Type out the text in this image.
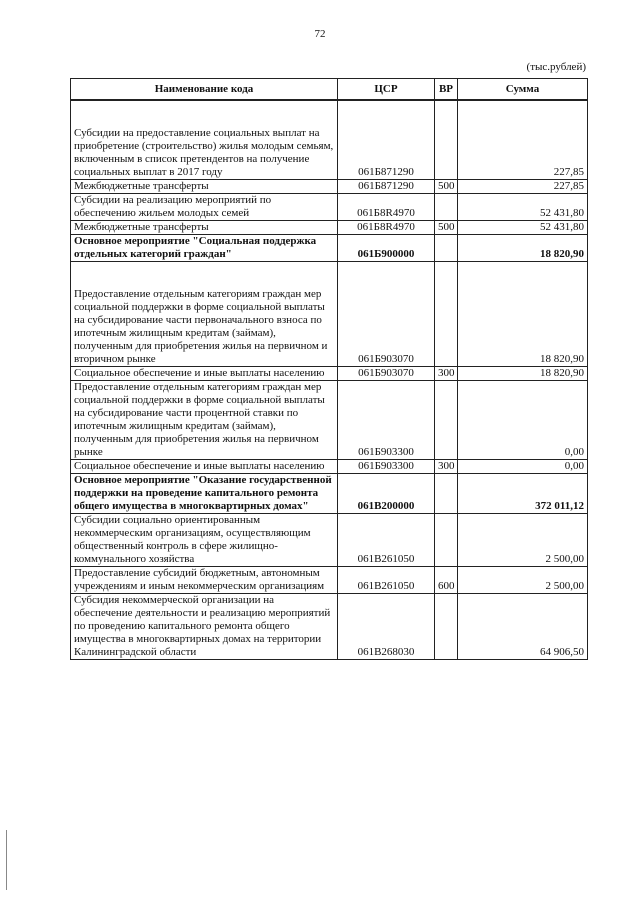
72
(тыс.рублей)
Наименование кода	ЦСР	ВР	Сумма
Субсидии на предоставление социальных выплат на приобретение (строительство) жилья молодым семьям, включенным в список претендентов на получение социальных выплат в 2017 году	061Б871290		227,85
Межбюджетные трансферты	061Б871290	500	227,85
Субсидии на реализацию мероприятий по обеспечению жильем молодых семей	061Б8R4970		52 431,80
Межбюджетные трансферты	061Б8R4970	500	52 431,80
Основное мероприятие "Социальная поддержка отдельных категорий граждан"	061Б900000		18 820,90
Предоставление отдельным категориям граждан мер социальной поддержки в форме социальной выплаты на субсидирование части первоначального взноса по ипотечным жилищным кредитам (займам), полученным для приобретения жилья на первичном и вторичном рынке	061Б903070		18 820,90
Социальное обеспечение и иные выплаты населению	061Б903070	300	18 820,90
Предоставление отдельным категориям граждан мер социальной поддержки в форме социальной выплаты на субсидирование части процентной ставки по ипотечным жилищным кредитам (займам), полученным для приобретения жилья на первичном рынке	061Б903300		0,00
Социальное обеспечение и иные выплаты населению	061Б903300	300	0,00
Основное мероприятие "Оказание государственной поддержки на проведение капитального ремонта общего имущества в многоквартирных домах"	061В200000		372 011,12
Субсидии социально ориентированным некоммерческим организациям, осуществляющим общественный контроль в сфере жилищно-коммунального хозяйства	061В261050		2 500,00
Предоставление субсидий бюджетным, автономным учреждениям и иным некоммерческим организациям	061В261050	600	2 500,00
Субсидия некоммерческой организации на обеспечение деятельности и реализацию мероприятий по проведению капитального ремонта общего имущества в многоквартирных домах на территории Калининградской области	061В268030		64 906,50
